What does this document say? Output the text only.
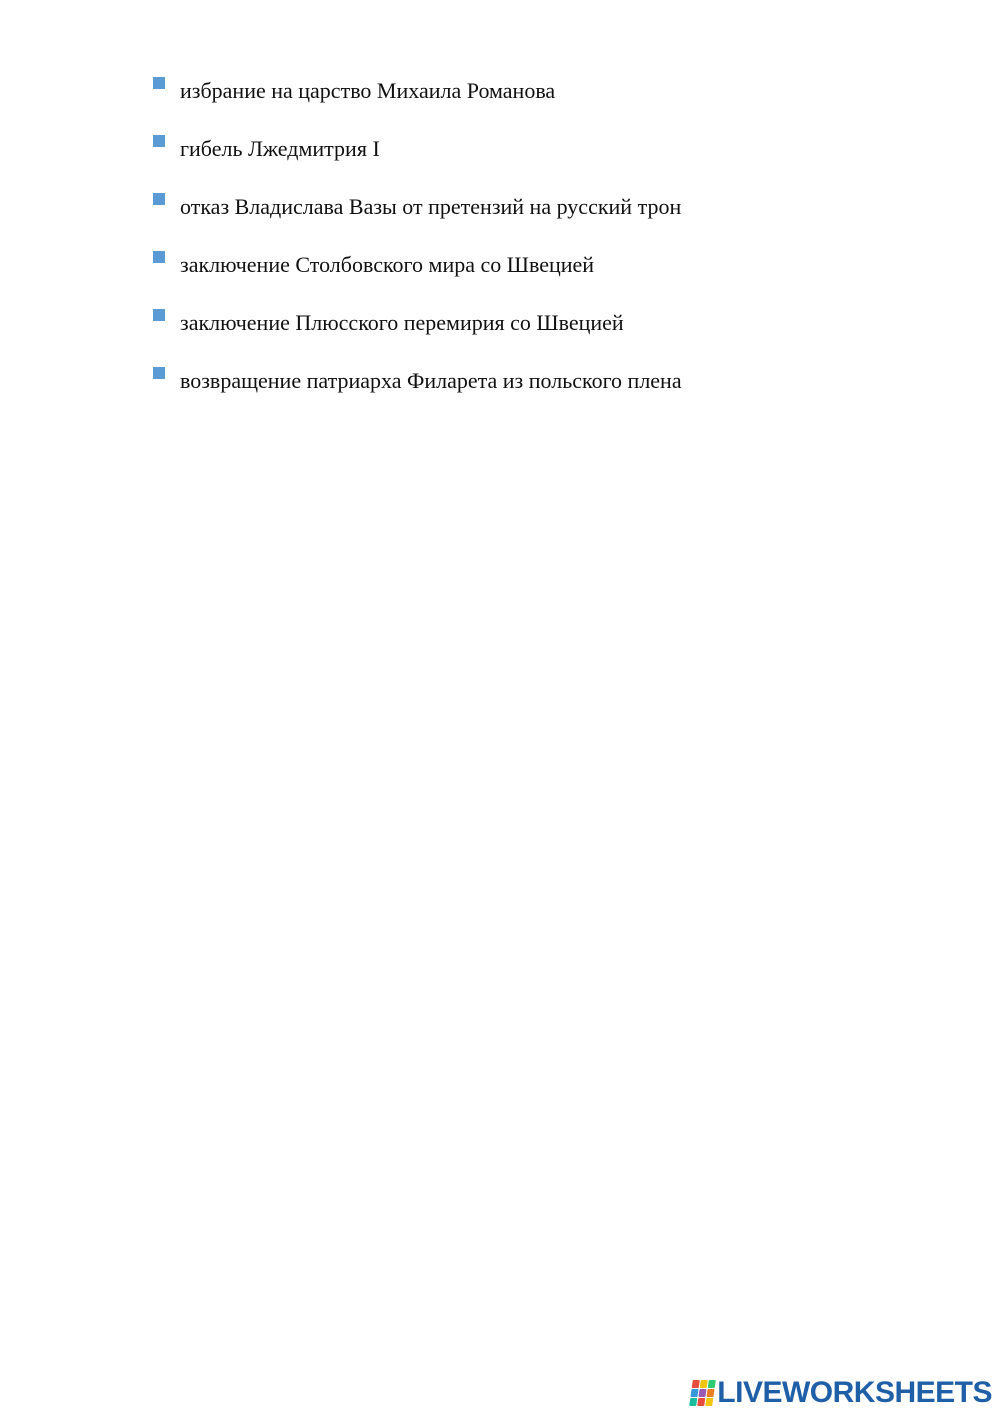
избрание на царство Михаила Романова
гибель Лжедмитрия I
отказ Владислава Вазы от претензий на русский трон
заключение Столбовского мира со Швецией
заключение Плюсского перемирия со Швецией
возвращение патриарха Филарета из польского плена
LIVEWORKSHEETS
